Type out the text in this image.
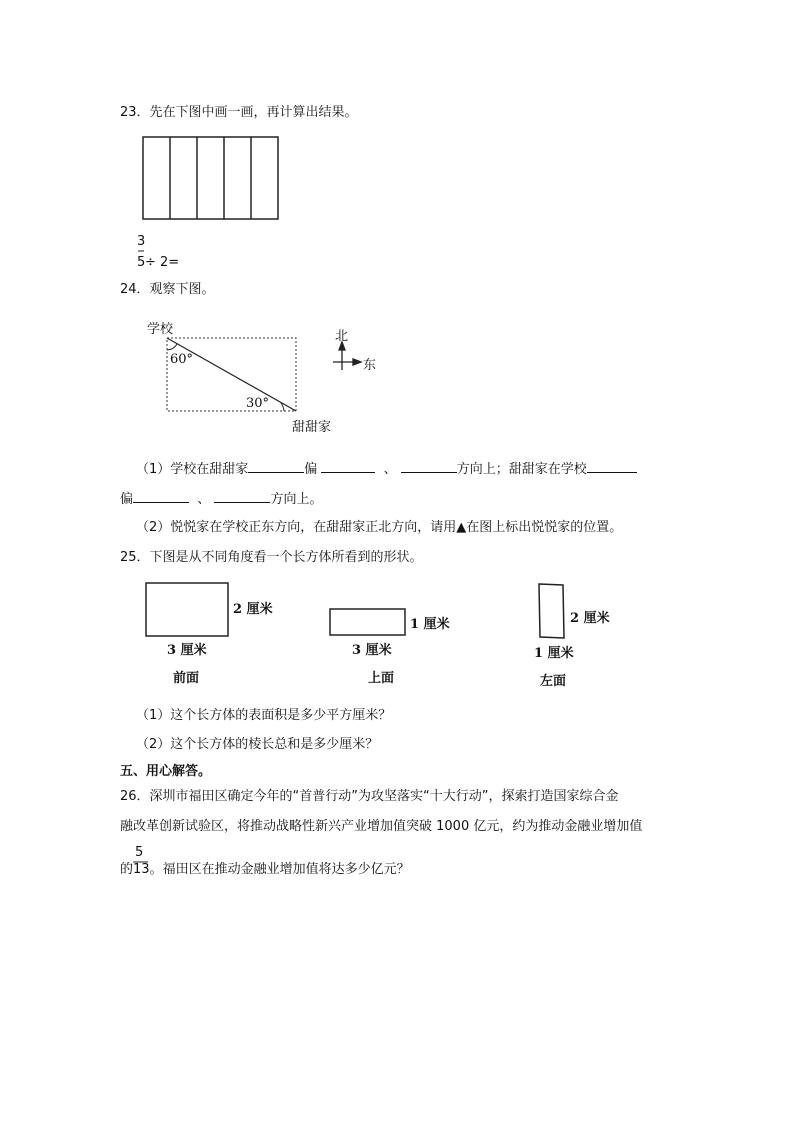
23．先在下图中画一画，再计算出结果。
3
5 ÷ 2=
24．观察下图。
学校
60°
30°
甜甜家
北
东
（1）学校在甜甜家	偏	、	方向上；甜甜家在学校
偏	、	方向上。
（2）悦悦家在学校正东方向，在甜甜家正北方向，请用▲在图上标出悦悦家的位置。
25．下图是从不同角度看一个长方体所看到的形状。
2 厘米
3 厘米
前面
1 厘米
3 厘米
上面
2 厘米
1 厘米
左面
（1）这个长方体的表面积是多少平方厘米？
（2）这个长方体的棱长总和是多少厘米？
五、用心解答。
26．深圳市福田区确定今年的“首普行动”为攻坚落实“十大行动”，探索打造国家综合金
融改革创新试验区，将推动战略性新兴产业增加值突破 1000 亿元，约为推动金融业增加值
5
的13。福田区在推动金融业增加值将达多少亿元？
